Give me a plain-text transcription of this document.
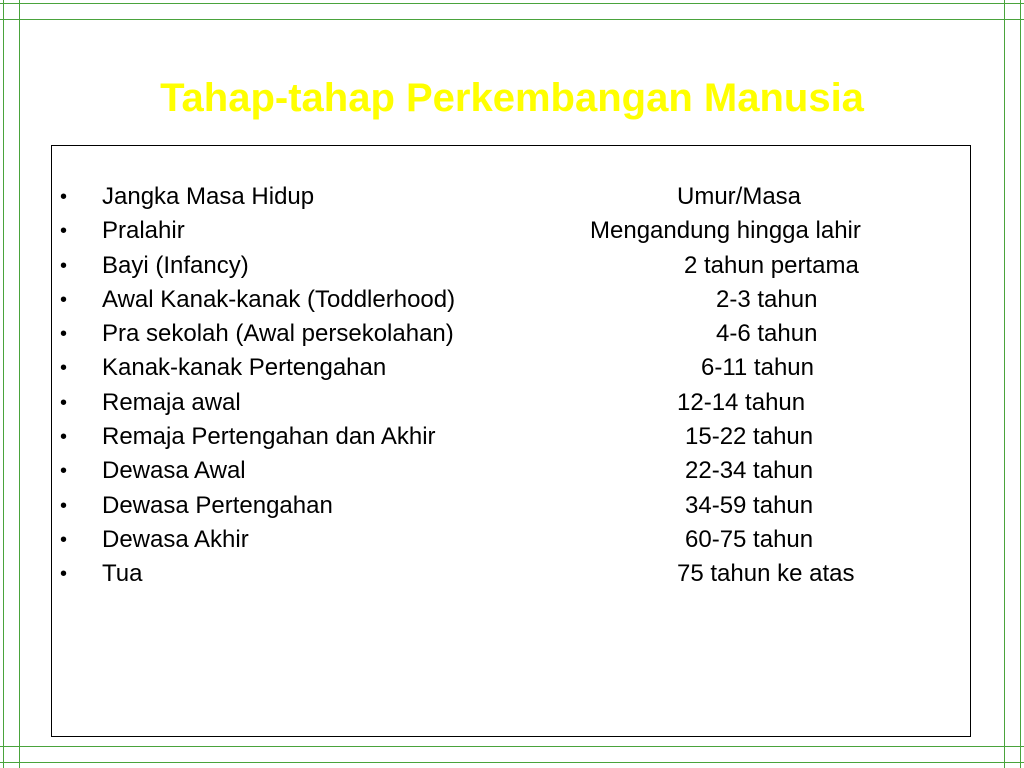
Tahap-tahap Perkembangan Manusia
• Jangka Masa Hidup	Umur/Masa
• Pralahir	Mengandung hingga lahir
• Bayi (Infancy)	2 tahun pertama
• Awal Kanak-kanak (Toddlerhood)	2-3 tahun
• Pra sekolah (Awal persekolahan)	4-6 tahun
• Kanak-kanak Pertengahan	6-11 tahun
• Remaja awal	12-14 tahun
• Remaja Pertengahan dan Akhir	15-22 tahun
• Dewasa Awal	22-34 tahun
• Dewasa Pertengahan	34-59 tahun
• Dewasa Akhir	60-75 tahun
• Tua	75 tahun ke atas
